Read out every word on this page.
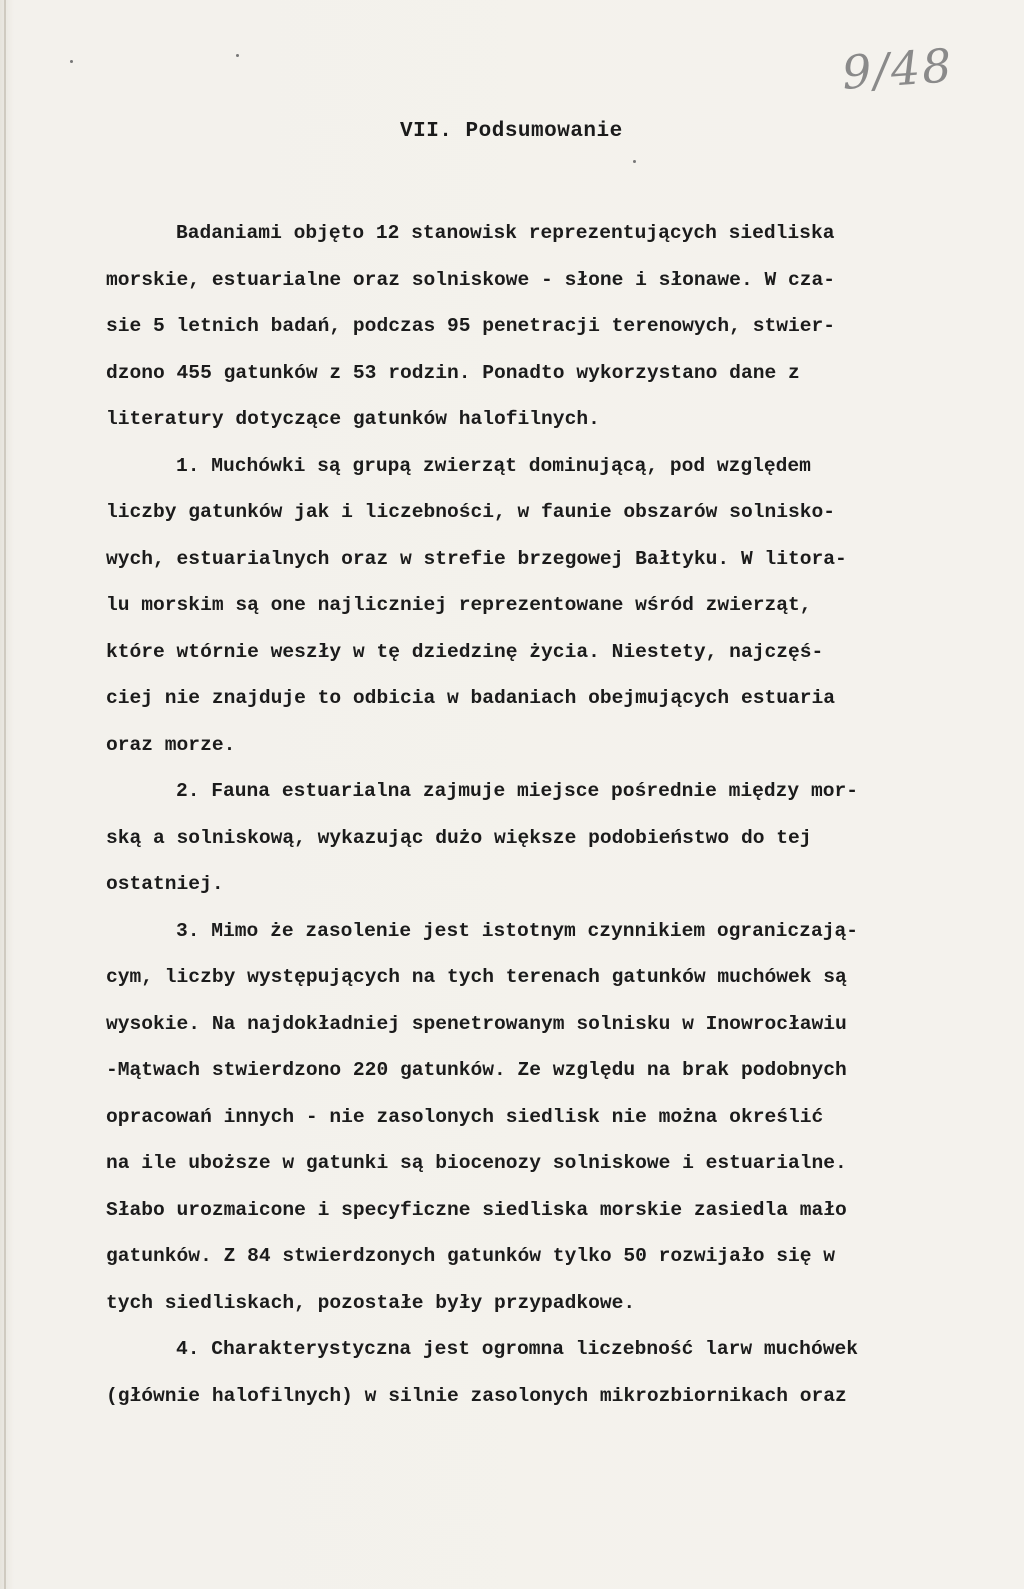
9/48
VII. Podsumowanie
Badaniami objęto 12 stanowisk reprezentujących siedliska
morskie, estuarialne oraz solniskowe - słone i słonawe. W cza-
sie 5 letnich badań, podczas 95 penetracji terenowych, stwier-
dzono 455 gatunków z 53 rodzin. Ponadto wykorzystano dane z
literatury dotyczące gatunków halofilnych.
1. Muchówki są grupą zwierząt dominującą, pod względem
liczby gatunków jak i liczebności, w faunie obszarów solnisko-
wych, estuarialnych oraz w strefie brzegowej Bałtyku. W litora-
lu morskim są one najliczniej reprezentowane wśród zwierząt,
które wtórnie weszły w tę dziedzinę życia. Niestety, najczęś-
ciej nie znajduje to odbicia w badaniach obejmujących estuaria
oraz morze.
2. Fauna estuarialna zajmuje miejsce pośrednie między mor-
ską a solniskową, wykazując dużo większe podobieństwo do tej
ostatniej.
3. Mimo że zasolenie jest istotnym czynnikiem ograniczają-
cym, liczby występujących na tych terenach gatunków muchówek są
wysokie. Na najdokładniej spenetrowanym solnisku w Inowrocławiu
-Mątwach stwierdzono 220 gatunków. Ze względu na brak podobnych
opracowań innych - nie zasolonych siedlisk nie można określić
na ile uboższe w gatunki są biocenozy solniskowe i estuarialne.
Słabo urozmaicone i specyficzne siedliska morskie zasiedla mało
gatunków. Z 84 stwierdzonych gatunków tylko 50 rozwijało się w
tych siedliskach, pozostałe były przypadkowe.
4. Charakterystyczna jest ogromna liczebność larw muchówek
(głównie halofilnych) w silnie zasolonych mikrozbiornikach oraz
